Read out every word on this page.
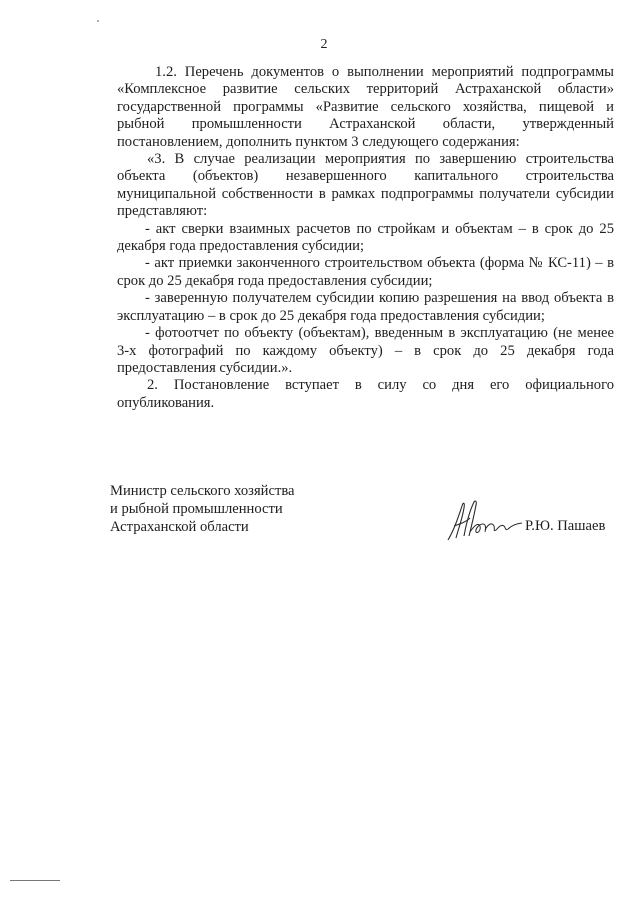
2

1.2. Перечень документов о выполнении мероприятий подпрограммы «Комплексное развитие сельских территорий Астраханской области» государственной программы «Развитие сельского хозяйства, пищевой и рыбной промышленности Астраханской области, утвержденный постановлением, дополнить пунктом 3 следующего содержания:

«3. В случае реализации мероприятия по завершению строительства объекта (объектов) незавершенного капитального строительства муниципальной собственности в рамках подпрограммы получатели субсидии представляют:

- акт сверки взаимных расчетов по стройкам и объектам – в срок до 25 декабря года предоставления субсидии;

- акт приемки законченного строительством объекта (форма № КС-11) – в срок до 25 декабря года предоставления субсидии;

- заверенную получателем субсидии копию разрешения на ввод объекта в эксплуатацию – в срок до 25 декабря года предоставления субсидии;

- фотоотчет по объекту (объектам), введенным в эксплуатацию (не менее 3-х фотографий по каждому объекту) – в срок до 25 декабря года предоставления субсидии.».

2. Постановление вступает в силу со дня его официального опубликования.

Министр сельского хозяйства
и рыбной промышленности
Астраханской области	Р.Ю. Пашаев
